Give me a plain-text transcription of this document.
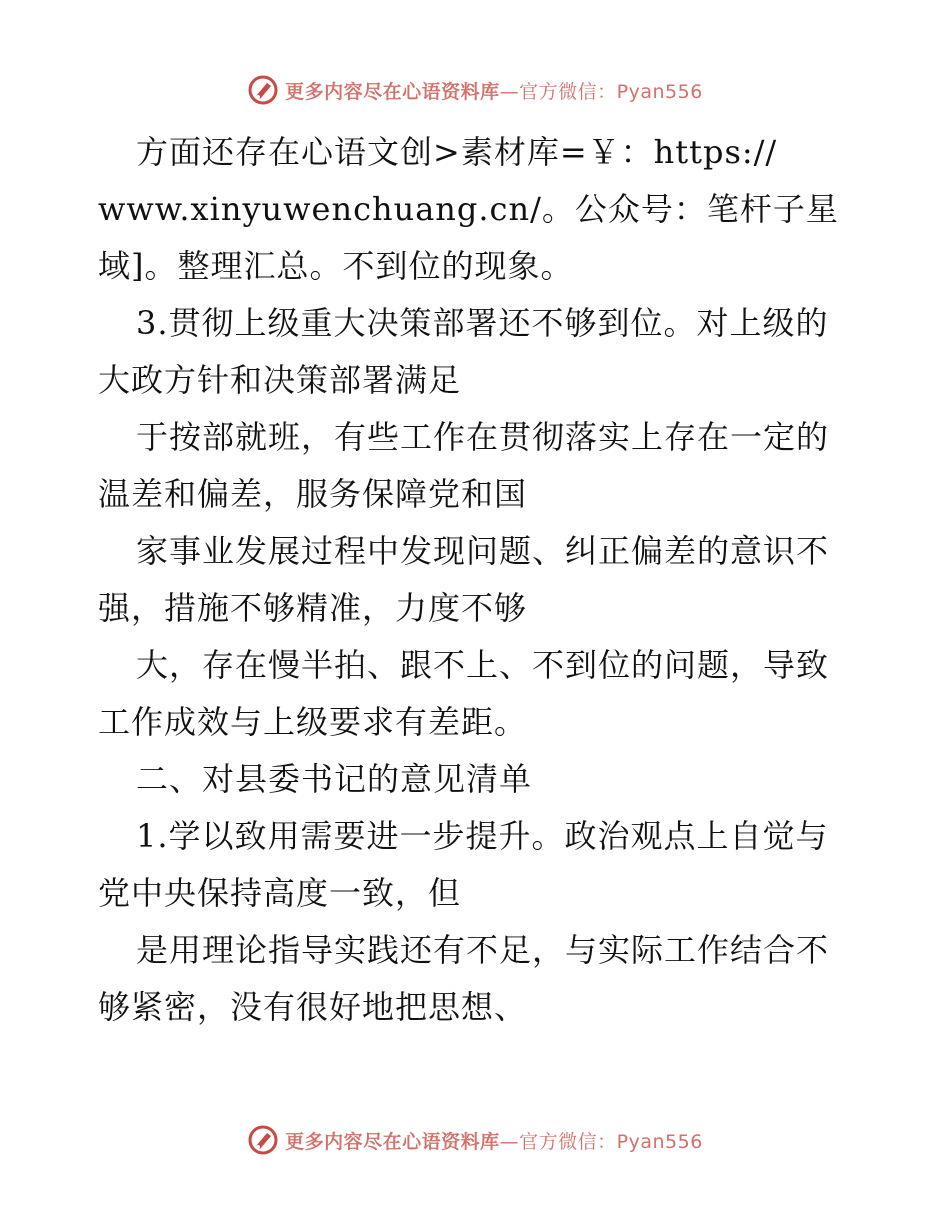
更多内容尽在心语资料库—官方微信：Pyan556
方面还存在心语文创>素材库=￥：https://
www.xinyuwenchuang.cn/。公众号：笔杆子星
域]。整理汇总。不到位的现象。
3.贯彻上级重大决策部署还不够到位。对上级的
大政方针和决策部署满足
于按部就班，有些工作在贯彻落实上存在一定的
温差和偏差，服务保障党和国
家事业发展过程中发现问题、纠正偏差的意识不
强，措施不够精准，力度不够
大，存在慢半拍、跟不上、不到位的问题，导致
工作成效与上级要求有差距。
二、对县委书记的意见清单
1.学以致用需要进一步提升。政治观点上自觉与
党中央保持高度一致，但
是用理论指导实践还有不足，与实际工作结合不
够紧密，没有很好地把思想、
更多内容尽在心语资料库—官方微信：Pyan556
